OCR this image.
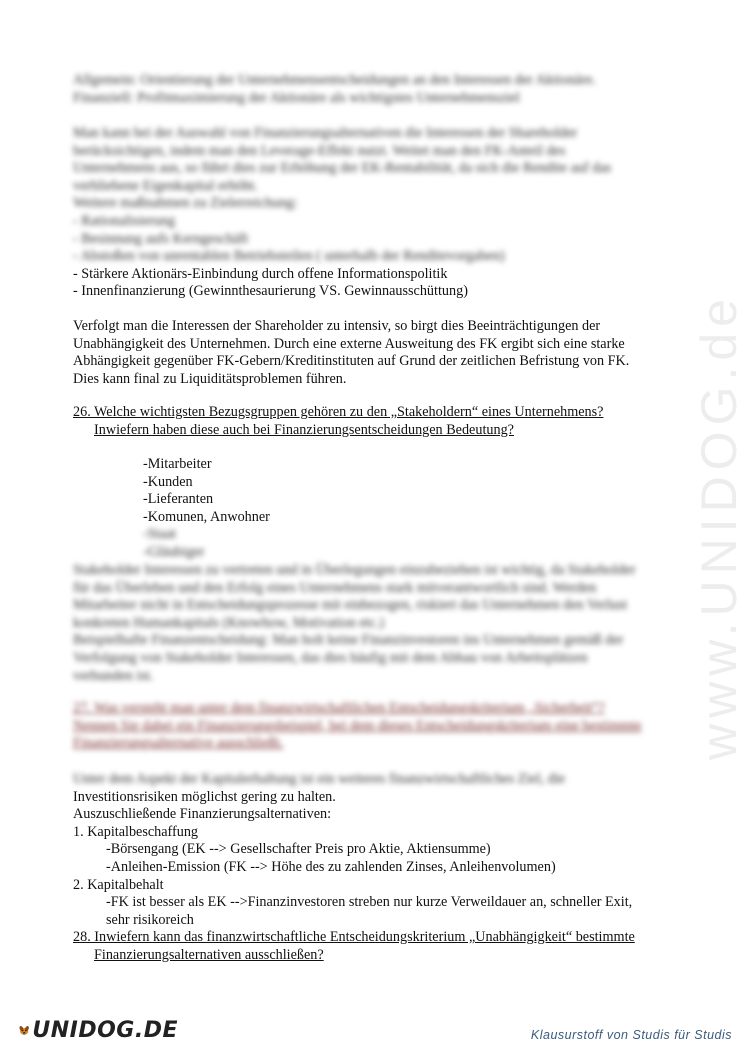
www.UNIDOG.de
Allgemein: Orientierung der Unternehmensentscheidungen an den Interessen der Aktionäre.
Finanziell: Profitmaximierung der Aktionäre als wichtigstes Unternehmensziel
Man kann bei der Auswahl von Finanzierungsalternativen die Interessen der Shareholder
berücksichtigen, indem man den Leverage-Effekt nutzt. Weitet man den FK-Anteil des
Unternehmens aus, so führt dies zur Erhöhung der EK-Rentabilität, da sich die Rendite auf das
verbliebene Eigenkapital erhöht.
Weitere maßnahmen zu Zielerreichung:
- Rationalisierung
- Besinnung aufs Kerngeschäft
- Abstoßen von unrentablen Betriebsteilen ( unterhalb der Renditevorgaben)
- Stärkere Aktionärs-Einbindung durch offene Informationspolitik
- Innenfinanzierung (Gewinnthesaurierung VS. Gewinnausschüttung)
Verfolgt man die Interessen der Shareholder zu intensiv, so birgt dies Beeinträchtigungen der
Unabhängigkeit des Unternehmen. Durch eine externe Ausweitung des FK ergibt sich eine starke
Abhängigkeit gegenüber FK-Gebern/Kreditinstituten auf Grund der zeitlichen Befristung von FK.
Dies kann final zu Liquiditätsproblemen führen.
26. Welche wichtigsten Bezugsgruppen gehören zu den „Stakeholdern“ eines Unternehmens?
Inwiefern haben diese auch bei Finanzierungsentscheidungen Bedeutung?
-Mitarbeiter
-Kunden
-Lieferanten
-Komunen, Anwohner
-Staat
-Gläubiger
Stakeholder Interessen zu vertreten und in Überlegungen einzubeziehen ist wichtig, da Stakeholder
für das Überleben und den Erfolg eines Unternehmens stark mitverantwortlich sind. Werden
Mitarbeiter nicht in Entscheidungsprozesse mit einbezogen, riskiert das Unternehmen den Verlust
konkreten Humankapitals (Knowhow, Motivation etc.)
Beispielhafte Finanzentscheidung: Man holt keine Finanzinvestoren ins Unternehmen gemäß der
Verfolgung von Stakeholder Interessen, das dies häufig mit dem Abbau von Arbeitsplätzen
verbunden ist.
27. Was versteht man unter dem finanzwirtschaftlichen Entscheidungskriterium „Sicherheit“?
Nennen Sie dabei ein Finanzierungsbeispiel, bei dem dieses Entscheidungskriterium eine bestimmte
Finanzierungsalternative ausschließt.
Unter dem Aspekt der Kapitalerhaltung ist ein weiteres finanzwirtschaftliches Ziel, die
Investitionsrisiken möglichst gering zu halten.
Auszuschließende Finanzierungsalternativen:
1. Kapitalbeschaffung
-Börsengang (EK --> Gesellschafter Preis pro Aktie, Aktiensumme)
-Anleihen-Emission (FK --> Höhe des zu zahlenden Zinses, Anleihenvolumen)
2. Kapitalbehalt
-FK ist besser als EK -->Finanzinvestoren streben nur kurze Verweildauer an, schneller Exit,
sehr risikoreich
28. Inwiefern kann das finanzwirtschaftliche Entscheidungskriterium „Unabhängigkeit“ bestimmte
Finanzierungsalternativen ausschließen?
UNIDOG.DE	Klausurstoff von Studis für Studis
